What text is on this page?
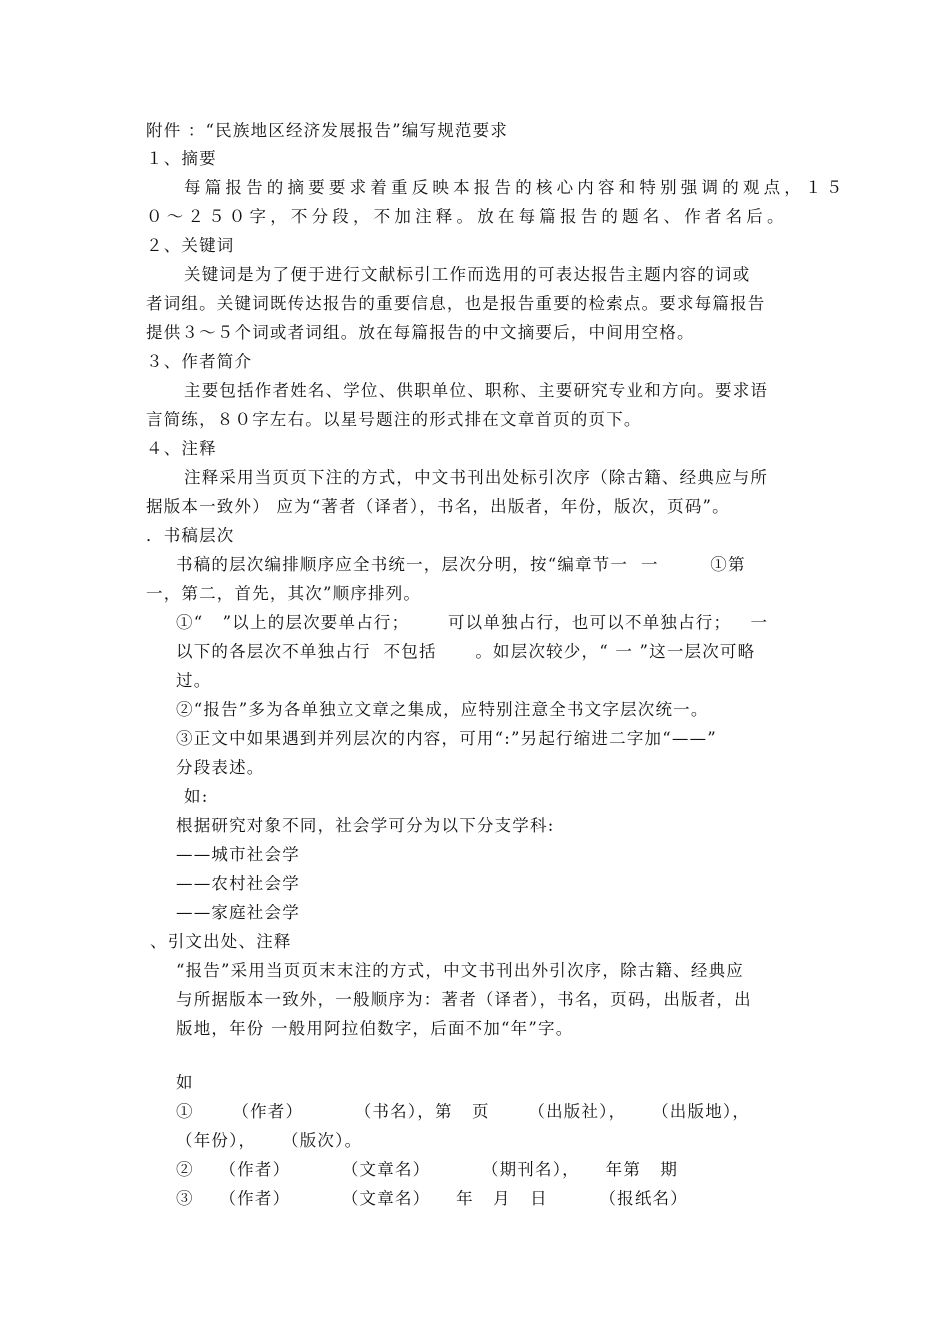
附件 ：“民族地区经济发展报告”编写规范要求
１、摘要
每篇报告的摘要要求着重反映本报告的核心内容和特别强调的观点，１５
０～２５０字，不分段，不加注释。放在每篇报告的题名、作者名后。
２、关键词
关键词是为了便于进行文献标引工作而选用的可表达报告主题内容的词或
者词组。关键词既传达报告的重要信息，也是报告重要的检索点。要求每篇报告
提供３～５个词或者词组。放在每篇报告的中文摘要后，中间用空格。
３、作者简介
主要包括作者姓名、学位、供职单位、职称、主要研究专业和方向。要求语
言简练，８０字左右。以星号题注的形式排在文章首页的页下。
４、注释
注释采用当页页下注的方式，中文书刊出处标引次序（除古籍、经典应与所
据版本一致外） 应为“著者（译者），书名，出版者，年份，版次，页码”。
．书稿层次
书稿的层次编排顺序应全书统一，层次分明，按“编章节一  一        ①第
一，第二，首先，其次”顺序排列。
①“   ”以上的层次要单占行；      可以单独占行，也可以不单独占行；   一
以下的各层次不单独占行  不包括      。如层次较少，“ 一 ”这一层次可略
过。
②“报告”多为各单独立文章之集成，应特别注意全书文字层次统一。
③正文中如果遇到并列层次的内容，可用“:”另起行缩进二字加“——”
分段表述。
如:
根据研究对象不同，社会学可分为以下分支学科:
——城市社会学
——农村社会学
——家庭社会学
、引文出处、注释
“报告”采用当页页末末注的方式，中文书刊出外引次序，除古籍、经典应
与所据版本一致外，一般顺序为：著者（译者），书名，页码，出版者，出
版地，年份 一般用阿拉伯数字，后面不加“年”字。
如
①      （作者）        （书名），第   页      （出版社），    （出版地），
（年份），    （版次）。
②    （作者）        （文章名）        （期刊名），    年第   期
③    （作者）        （文章名）    年   月   日        （报纸名）
